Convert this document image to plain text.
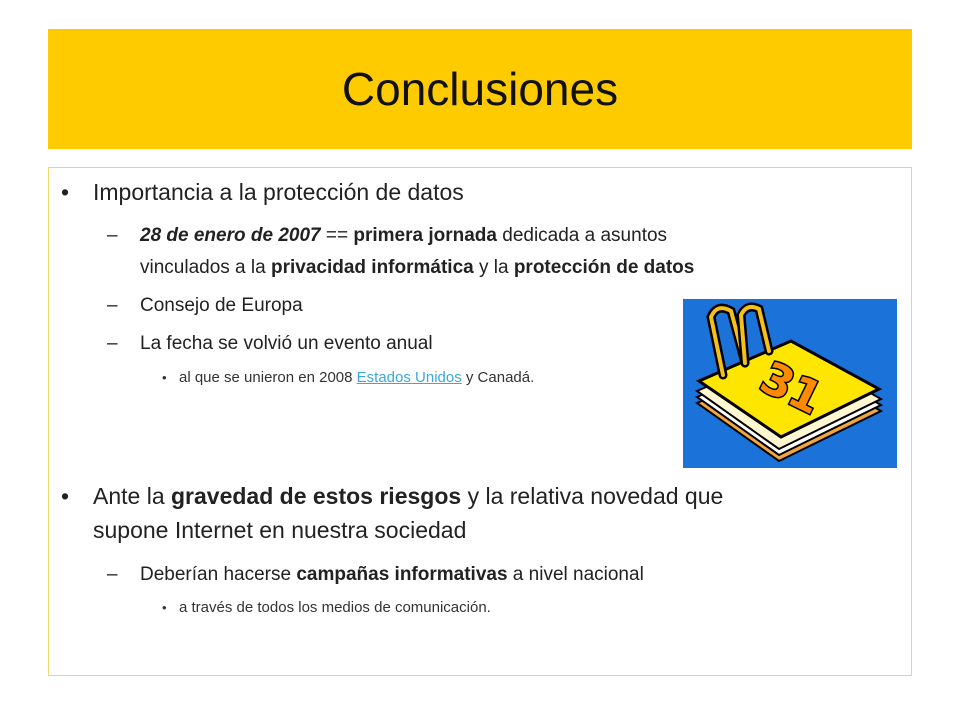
Conclusiones
• Importancia a la protección de datos
– 28 de enero de 2007 == primera jornada dedicada a asuntos
vinculados a la privacidad informática y la protección de datos
– Consejo de Europa
– La fecha se volvió un evento anual
• al que se unieron en 2008 Estados Unidos y Canadá.	31
• Ante la gravedad de estos riesgos y la relativa novedad que
supone Internet en nuestra sociedad
– Deberían hacerse campañas informativas a nivel nacional
• a través de todos los medios de comunicación.
